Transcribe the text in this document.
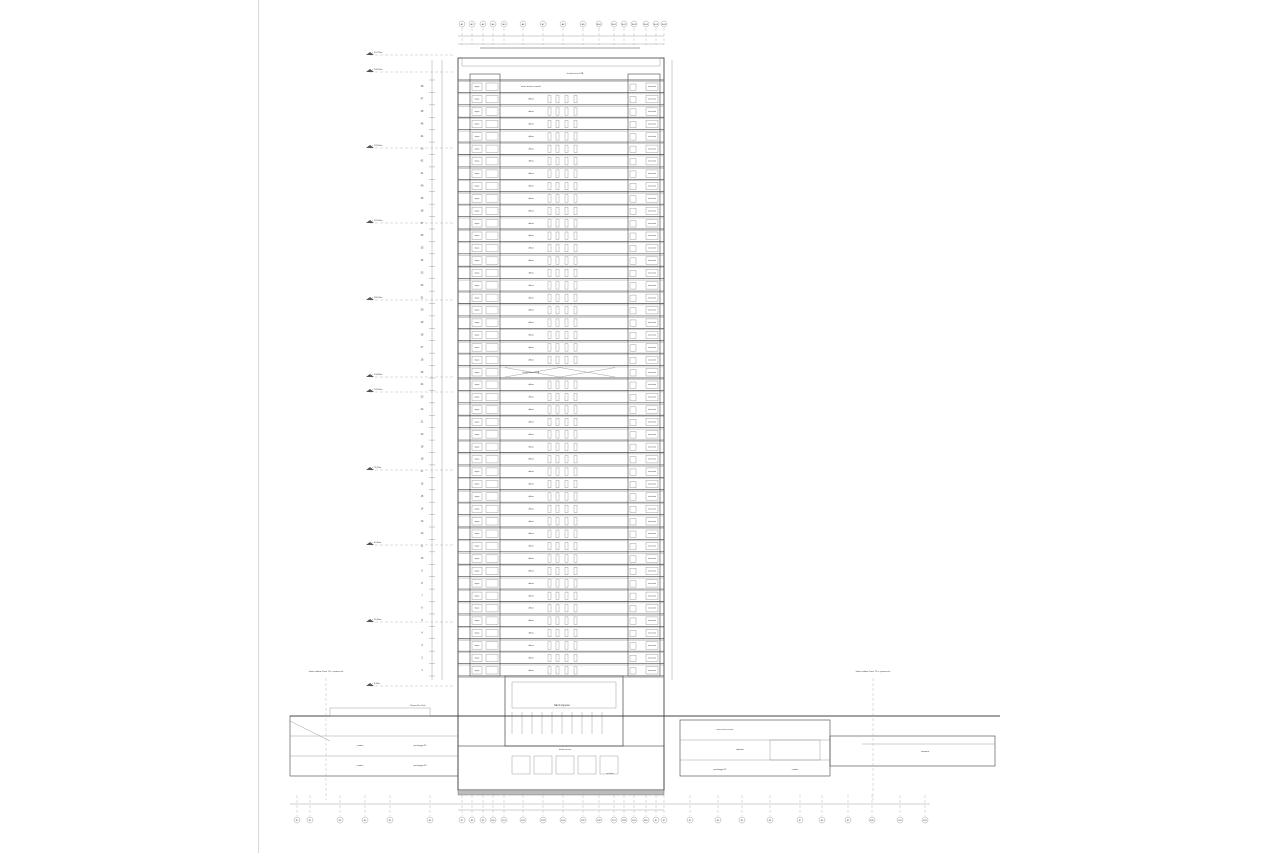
A1	A2	A3	A4	A5	A6	A7	A8	A9	A10	A11	A12	A13	A14	A15	A16
B1	B2	B3	B4	B5	B6	B7	B8	B9	B10	B11	B12	B13	B14	B15	B16	B17	B18	B19	B20	B1	B2	B3	B4	B5	B6	B7	B8	B9	B10	B11	B12
48	bagno	sala riunioni
locale tecnico centrale
locale tecnico UTA
47	bagno	sala riunioni
ufficio
46	bagno	sala riunioni
ufficio
45	bagno	sala riunioni
ufficio
44	bagno	sala riunioni
ufficio
43	bagno	sala riunioni
ufficio
42	bagno	sala riunioni
ufficio
41	bagno	sala riunioni
ufficio
40	bagno	sala riunioni
ufficio
39	bagno	sala riunioni
ufficio
38	bagno	sala riunioni
ufficio
37	bagno	sala riunioni
ufficio
36	bagno	sala riunioni
ufficio
35	bagno	sala riunioni
ufficio
34	bagno	sala riunioni
ufficio
33	bagno	sala riunioni
ufficio
32	bagno	sala riunioni
ufficio
31	bagno	sala riunioni
ufficio
30	bagno	sala riunioni
ufficio
29	bagno	sala riunioni
ufficio
28	bagno	sala riunioni
ufficio
27	bagno	sala riunioni
ufficio
26	bagno	sala riunioni
ufficio
25	bagno	sala riunioni
locale tecnico UTA
24	bagno	sala riunioni
ufficio
23	bagno	sala riunioni
ufficio
22	bagno	sala riunioni
ufficio
21	bagno	sala riunioni
ufficio
20	bagno	sala riunioni
ufficio
19	bagno	sala riunioni
ufficio
18	bagno	sala riunioni
ufficio
17	bagno	sala riunioni
ufficio
16	bagno	sala riunioni
ufficio
15	bagno	sala riunioni
ufficio
14	bagno	sala riunioni
ufficio
13	bagno	sala riunioni
ufficio
12	bagno	sala riunioni
ufficio
11	bagno	sala riunioni
ufficio
10	bagno	sala riunioni
ufficio
9	bagno	sala riunioni
ufficio
8	bagno	sala riunioni
ufficio
7	bagno	sala riunioni
ufficio
6	bagno	sala riunioni
ufficio
5	bagno	sala riunioni
ufficio
4	bagno	sala riunioni
ufficio
3	bagno	sala riunioni
ufficio
2	bagno	sala riunioni
ufficio
1	bagno	sala riunioni
ufficio
hall di ingresso
Piazza Fer Tech
cantina	parcheggio P1
cantina	parcheggio P2
locale tecnico
archivio
area carico scarico
deposito
cantina
parcheggio P1
stazione
limite sedime Torre T1a - piazza est	limite sedime Torre T1a - piazza est
+ 207,20m
+ 203,20m
+ 178,40m
+ 152,40m
+ 130,30m
+ 106,80m
+ 102,40m
+ 75,20m
+ 50,40m
+ 25,40m
+ 0,00m
